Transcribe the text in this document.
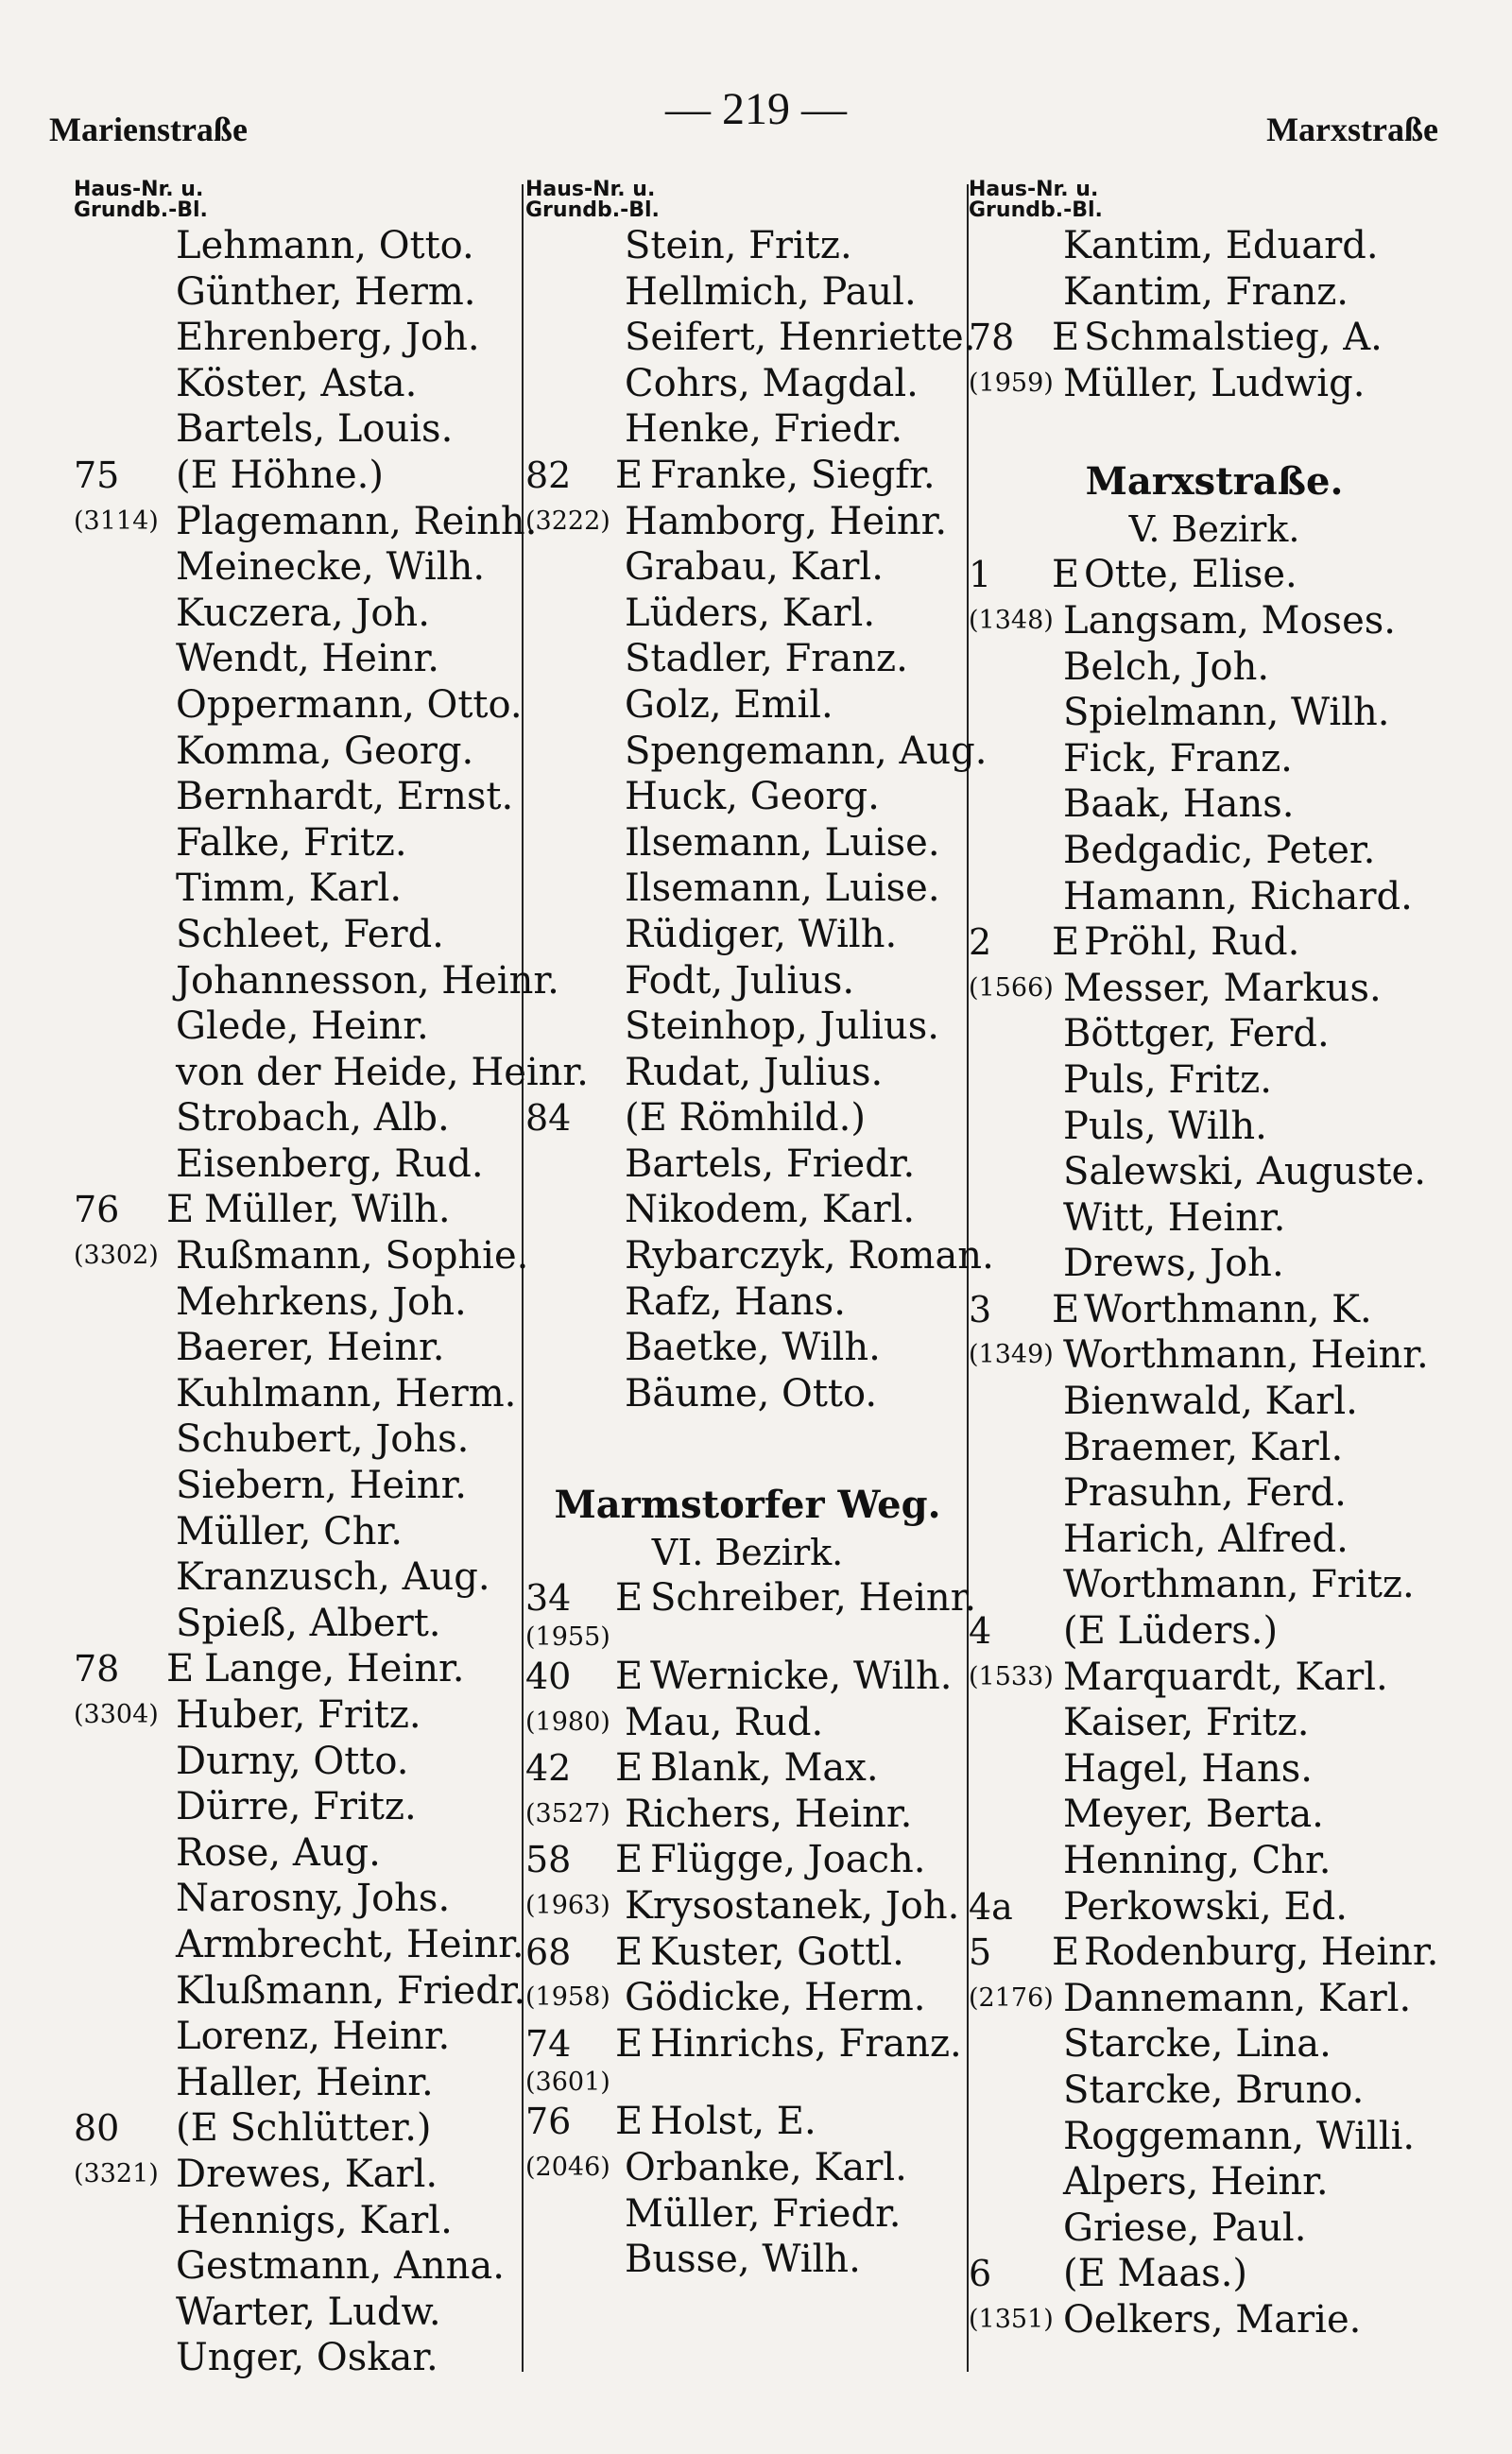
Marienstraße	— 219 —	Marxstraße
Haus-Nr. u.
Grundb.-Bl.
Lehmann, Otto.
Günther, Herm.
Ehrenberg, Joh.
Köster, Asta.
Bartels, Louis.
75 (E Höhne.)
(3114) Plagemann, Reinh.
Meinecke, Wilh.
Kuczera, Joh.
Wendt, Heinr.
Oppermann, Otto.
Komma, Georg.
Bernhardt, Ernst.
Falke, Fritz.
Timm, Karl.
Schleet, Ferd.
Johannesson, Heinr.
Glede, Heinr.
von der Heide, Heinr.
Strobach, Alb.
Eisenberg, Rud.
76 E Müller, Wilh.
(3302) Rußmann, Sophie.
Mehrkens, Joh.
Baerer, Heinr.
Kuhlmann, Herm.
Schubert, Johs.
Siebern, Heinr.
Müller, Chr.
Kranzusch, Aug.
Spieß, Albert.
78 E Lange, Heinr.
(3304) Huber, Fritz.
Durny, Otto.
Dürre, Fritz.
Rose, Aug.
Narosny, Johs.
Armbrecht, Heinr.
Klußmann, Friedr.
Lorenz, Heinr.
Haller, Heinr.
80 (E Schlütter.)
(3321) Drewes, Karl.
Hennigs, Karl.
Gestmann, Anna.
Warter, Ludw.
Unger, Oskar.
Haus-Nr. u.
Grundb.-Bl.
Stein, Fritz.
Hellmich, Paul.
Seifert, Henriette.
Cohrs, Magdal.
Henke, Friedr.
82 E Franke, Siegfr.
(3222) Hamborg, Heinr.
Grabau, Karl.
Lüders, Karl.
Stadler, Franz.
Golz, Emil.
Spengemann, Aug.
Huck, Georg.
Ilsemann, Luise.
Ilsemann, Luise.
Rüdiger, Wilh.
Fodt, Julius.
Steinhop, Julius.
Rudat, Julius.
84 (E Römhild.)
Bartels, Friedr.
Nikodem, Karl.
Rybarczyk, Roman.
Rafz, Hans.
Baetke, Wilh.
Bäume, Otto.
Marmstorfer Weg.
VI. Bezirk.
34 E Schreiber, Heinr.
(1955)
40 E Wernicke, Wilh.
(1980) Mau, Rud.
42 E Blank, Max.
(3527) Richers, Heinr.
58 E Flügge, Joach.
(1963) Krysostanek, Joh.
68 E Kuster, Gottl.
(1958) Gödicke, Herm.
74 E Hinrichs, Franz.
(3601)
76 E Holst, E.
(2046) Orbanke, Karl.
Müller, Friedr.
Busse, Wilh.
Haus-Nr. u.
Grundb.-Bl.
Kantim, Eduard.
Kantim, Franz.
78 E Schmalstieg, A.
(1959) Müller, Ludwig.
Marxstraße.
V. Bezirk.
1 E Otte, Elise.
(1348) Langsam, Moses.
Belch, Joh.
Spielmann, Wilh.
Fick, Franz.
Baak, Hans.
Bedgadic, Peter.
Hamann, Richard.
2 E Pröhl, Rud.
(1566) Messer, Markus.
Böttger, Ferd.
Puls, Fritz.
Puls, Wilh.
Salewski, Auguste.
Witt, Heinr.
Drews, Joh.
3 E Worthmann, K.
(1349) Worthmann, Heinr.
Bienwald, Karl.
Braemer, Karl.
Prasuhn, Ferd.
Harich, Alfred.
Worthmann, Fritz.
4 (E Lüders.)
(1533) Marquardt, Karl.
Kaiser, Fritz.
Hagel, Hans.
Meyer, Berta.
Henning, Chr.
4a Perkowski, Ed.
5 E Rodenburg, Heinr.
(2176) Dannemann, Karl.
Starcke, Lina.
Starcke, Bruno.
Roggemann, Willi.
Alpers, Heinr.
Griese, Paul.
6 (E Maas.)
(1351) Oelkers, Marie.
